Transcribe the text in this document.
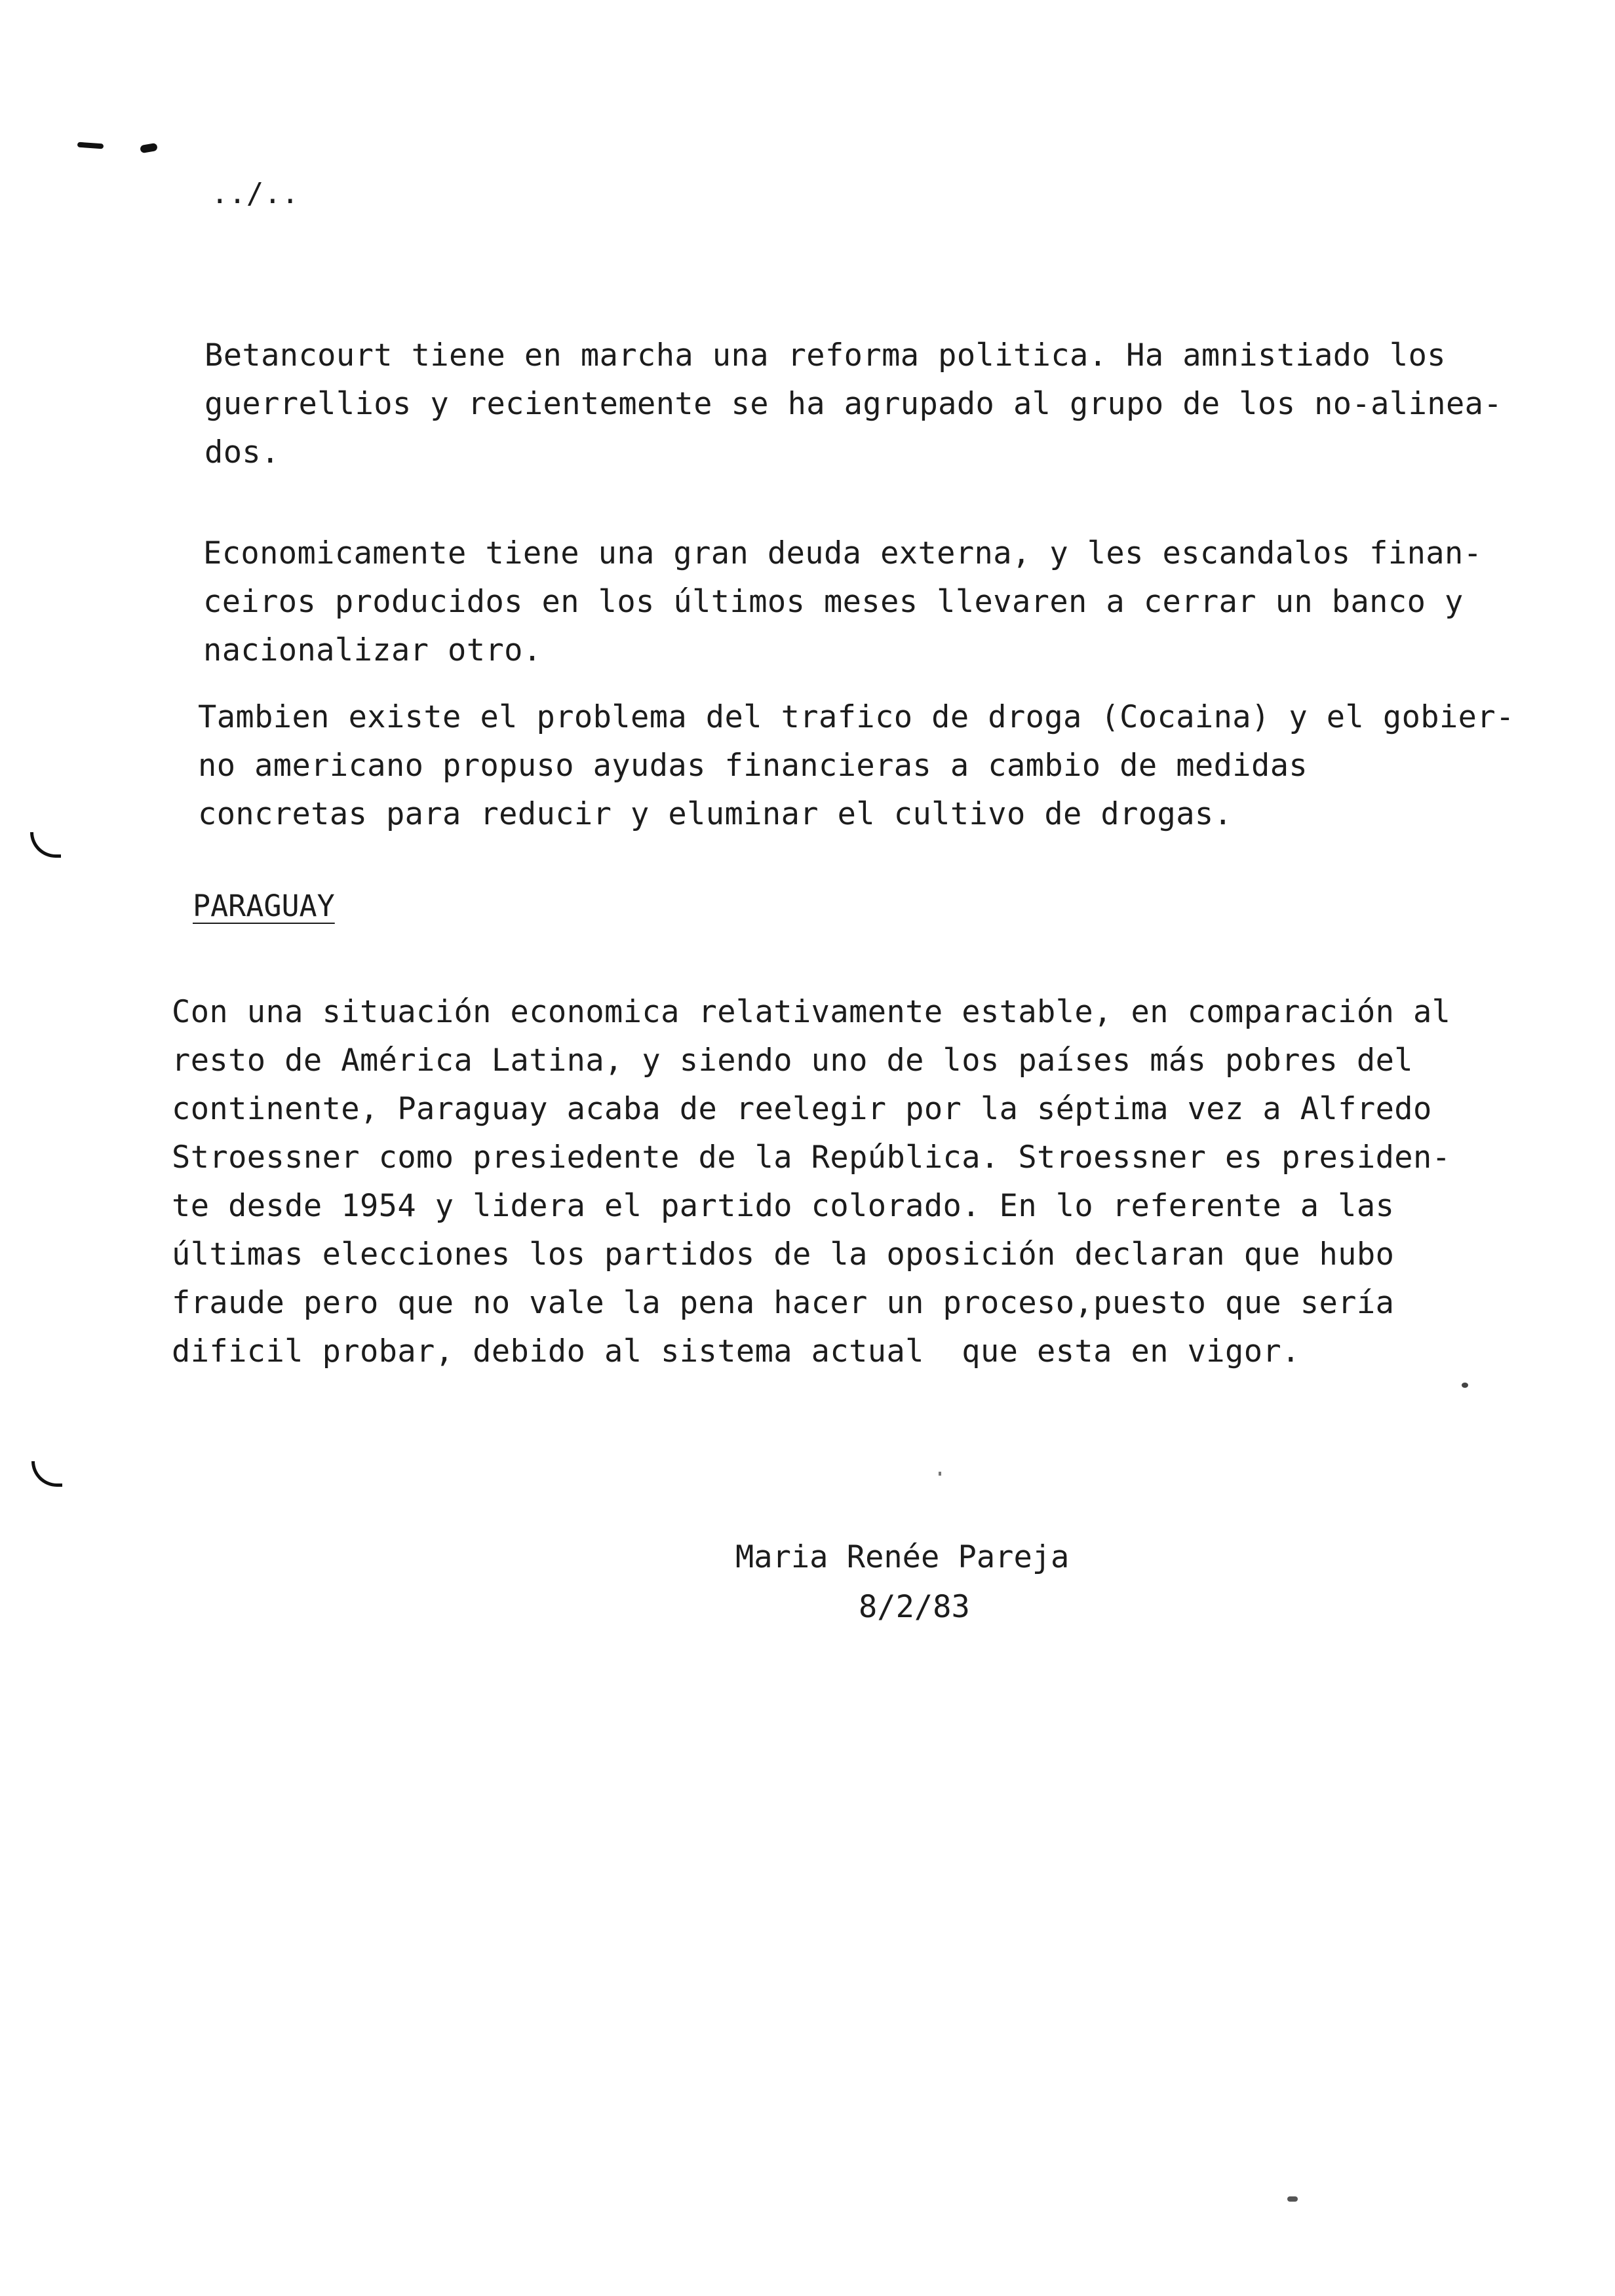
../..
Betancourt tiene en marcha una reforma politica. Ha amnistiado los
guerrellios y recientemente se ha agrupado al grupo de los no-alinea-
dos.
Economicamente tiene una gran deuda externa, y les escandalos finan-
ceiros producidos en los últimos meses llevaren a cerrar un banco y
nacionalizar otro.
Tambien existe el problema del trafico de droga (Cocaina) y el gobier-
no americano propuso ayudas financieras a cambio de medidas
concretas para reducir y eluminar el cultivo de drogas.
PARAGUAY
Con una situación economica relativamente estable, en comparación al
resto de América Latina, y siendo uno de los países más pobres del
continente, Paraguay acaba de reelegir por la séptima vez a Alfredo
Stroessner como presiedente de la República. Stroessner es presiden-
te desde 1954 y lidera el partido colorado. En lo referente a las
últimas elecciones los partidos de la oposición declaran que hubo
fraude pero que no vale la pena hacer un proceso,puesto que sería
dificil probar, debido al sistema actual  que esta en vigor.
Maria Renée Pareja
8/2/83
